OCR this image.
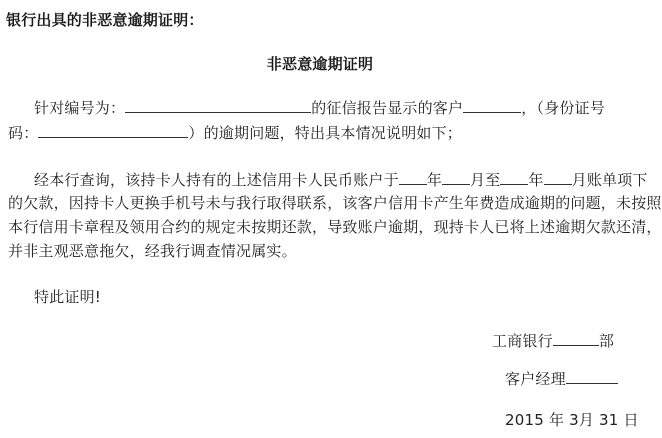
银行出具的非恶意逾期证明：
非恶意逾期证明
针对编号为：	的征信报告显示的客户	，（身份证号
码：	）的逾期问题，特出具本情况说明如下；
经本行查询，该持卡人持有的上述信用卡人民币账户于 年 月至 年 月账单项下
的欠款，因持卡人更换手机号未与我行取得联系，该客户信用卡产生年费造成逾期的问题，未按照
本行信用卡章程及领用合约的规定未按期还款，导致账户逾期，现持卡人已将上述逾期欠款还清，
并非主观恶意拖欠，经我行调查情况属实。
特此证明!
工商银行	部
客户经理
2015 年 3月 31 日
